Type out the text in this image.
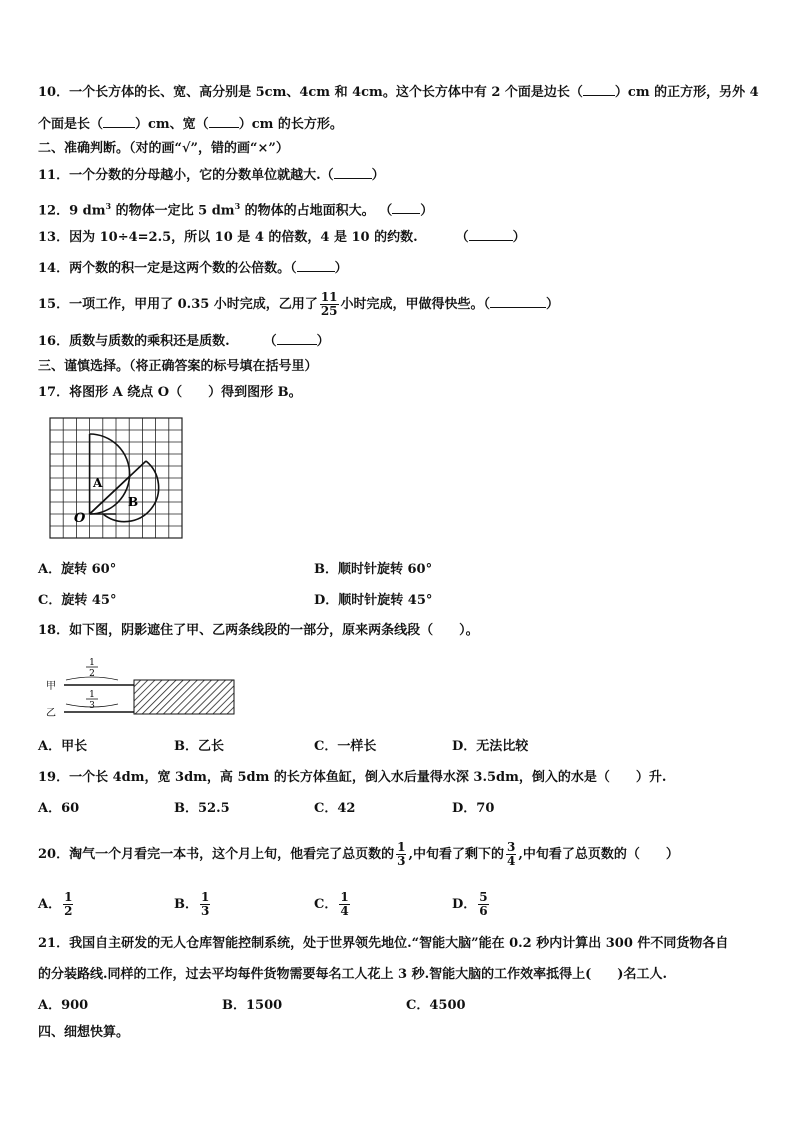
10．一个长方体的长、宽、高分别是 5cm、4cm 和 4cm。这个长方体中有 2 个面是边长（ ）cm 的正方形，另外 4
个面是长（ ）cm、宽（ ）cm 的长方形。
二、准确判断。（对的画“√”，错的画“×”）
11．一个分数的分母越小，它的分数单位就越大.（	）
12．9 $dm^3$ 的物体一定比 5 $dm^3$ 的物体的占地面积大。 （ ）
13．因为 10÷4=2.5，所以 10 是 4 的倍数，4 是 10 的约数.	（	）
14．两个数的积一定是这两个数的公倍数。（	）
15．一项工作，甲用了 0.35 小时完成，乙用了 $\frac{11}{25}$ 小时完成，甲做得快些。（	）
16．质数与质数的乘积还是质数.	（	）
三、谨慎选择。（将正确答案的标号填在括号里）
17．将图形 A 绕点 O（　　）得到图形 B。
A
B
O
A．旋转 60°	B．顺时针旋转 60°
C．旋转 45°	D．顺时针旋转 45°
18．如下图，阴影遮住了甲、乙两条线段的一部分，原来两条线段（　　）。
1
2
甲
1
3
乙
A．甲长	B．乙长	C．一样长	D．无法比较
19．一个长 4dm，宽 3dm，高 5dm 的长方体鱼缸，倒入水后量得水深 3.5dm，倒入的水是（　　）升.
A．60	B．52.5	C．42	D．70
20．淘气一个月看完一本书，这个月上旬，他看完了总页数的 $\frac{1}{3}$ ,中旬看了剩下的 $\frac{3}{4}$ ,中旬看了总页数的（　　）
A． $\frac{1}{2}$	B． $\frac{1}{3}$	C． $\frac{1}{4}$	D． $\frac{5}{6}$
21．我国自主研发的无人仓库智能控制系统，处于世界领先地位.“智能大脑”能在 0.2 秒内计算出 300 件不同货物各自
的分装路线.同样的工作，过去平均每件货物需要每名工人花上 3 秒.智能大脑的工作效率抵得上(　　)名工人.
A．900	B．1500	C．4500
四、细想快算。
